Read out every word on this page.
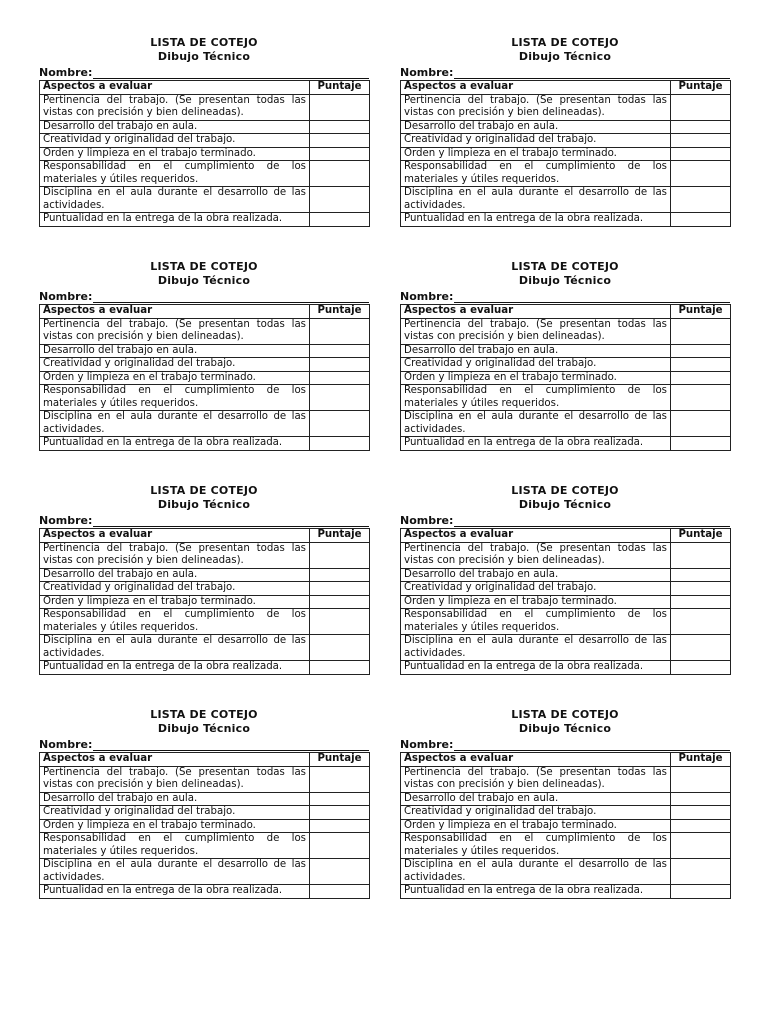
LISTA DE COTEJO
Dibujo Técnico
Nombre:
Aspectos a evaluar	Puntaje
Pertinencia del trabajo. (Se presentan todas las vistas con precisión y bien delineadas).	
Desarrollo del trabajo en aula.	
Creatividad y originalidad del trabajo.	
Orden y limpieza en el trabajo terminado.	
Responsabilidad en el cumplimiento de los materiales y útiles requeridos.	
Disciplina en el aula durante el desarrollo de las actividades.	
Puntualidad en la entrega de la obra realizada.	
LISTA DE COTEJO
Dibujo Técnico
Nombre:
Aspectos a evaluar	Puntaje
Pertinencia del trabajo. (Se presentan todas las vistas con precisión y bien delineadas).	
Desarrollo del trabajo en aula.	
Creatividad y originalidad del trabajo.	
Orden y limpieza en el trabajo terminado.	
Responsabilidad en el cumplimiento de los materiales y útiles requeridos.	
Disciplina en el aula durante el desarrollo de las actividades.	
Puntualidad en la entrega de la obra realizada.	
LISTA DE COTEJO
Dibujo Técnico
Nombre:
Aspectos a evaluar	Puntaje
Pertinencia del trabajo. (Se presentan todas las vistas con precisión y bien delineadas).	
Desarrollo del trabajo en aula.	
Creatividad y originalidad del trabajo.	
Orden y limpieza en el trabajo terminado.	
Responsabilidad en el cumplimiento de los materiales y útiles requeridos.	
Disciplina en el aula durante el desarrollo de las actividades.	
Puntualidad en la entrega de la obra realizada.	
LISTA DE COTEJO
Dibujo Técnico
Nombre:
Aspectos a evaluar	Puntaje
Pertinencia del trabajo. (Se presentan todas las vistas con precisión y bien delineadas).	
Desarrollo del trabajo en aula.	
Creatividad y originalidad del trabajo.	
Orden y limpieza en el trabajo terminado.	
Responsabilidad en el cumplimiento de los materiales y útiles requeridos.	
Disciplina en el aula durante el desarrollo de las actividades.	
Puntualidad en la entrega de la obra realizada.	
LISTA DE COTEJO
Dibujo Técnico
Nombre:
Aspectos a evaluar	Puntaje
Pertinencia del trabajo. (Se presentan todas las vistas con precisión y bien delineadas).	
Desarrollo del trabajo en aula.	
Creatividad y originalidad del trabajo.	
Orden y limpieza en el trabajo terminado.	
Responsabilidad en el cumplimiento de los materiales y útiles requeridos.	
Disciplina en el aula durante el desarrollo de las actividades.	
Puntualidad en la entrega de la obra realizada.	
LISTA DE COTEJO
Dibujo Técnico
Nombre:
Aspectos a evaluar	Puntaje
Pertinencia del trabajo. (Se presentan todas las vistas con precisión y bien delineadas).	
Desarrollo del trabajo en aula.	
Creatividad y originalidad del trabajo.	
Orden y limpieza en el trabajo terminado.	
Responsabilidad en el cumplimiento de los materiales y útiles requeridos.	
Disciplina en el aula durante el desarrollo de las actividades.	
Puntualidad en la entrega de la obra realizada.	
LISTA DE COTEJO
Dibujo Técnico
Nombre:
Aspectos a evaluar	Puntaje
Pertinencia del trabajo. (Se presentan todas las vistas con precisión y bien delineadas).	
Desarrollo del trabajo en aula.	
Creatividad y originalidad del trabajo.	
Orden y limpieza en el trabajo terminado.	
Responsabilidad en el cumplimiento de los materiales y útiles requeridos.	
Disciplina en el aula durante el desarrollo de las actividades.	
Puntualidad en la entrega de la obra realizada.	
LISTA DE COTEJO
Dibujo Técnico
Nombre:
Aspectos a evaluar	Puntaje
Pertinencia del trabajo. (Se presentan todas las vistas con precisión y bien delineadas).	
Desarrollo del trabajo en aula.	
Creatividad y originalidad del trabajo.	
Orden y limpieza en el trabajo terminado.	
Responsabilidad en el cumplimiento de los materiales y útiles requeridos.	
Disciplina en el aula durante el desarrollo de las actividades.	
Puntualidad en la entrega de la obra realizada.	
